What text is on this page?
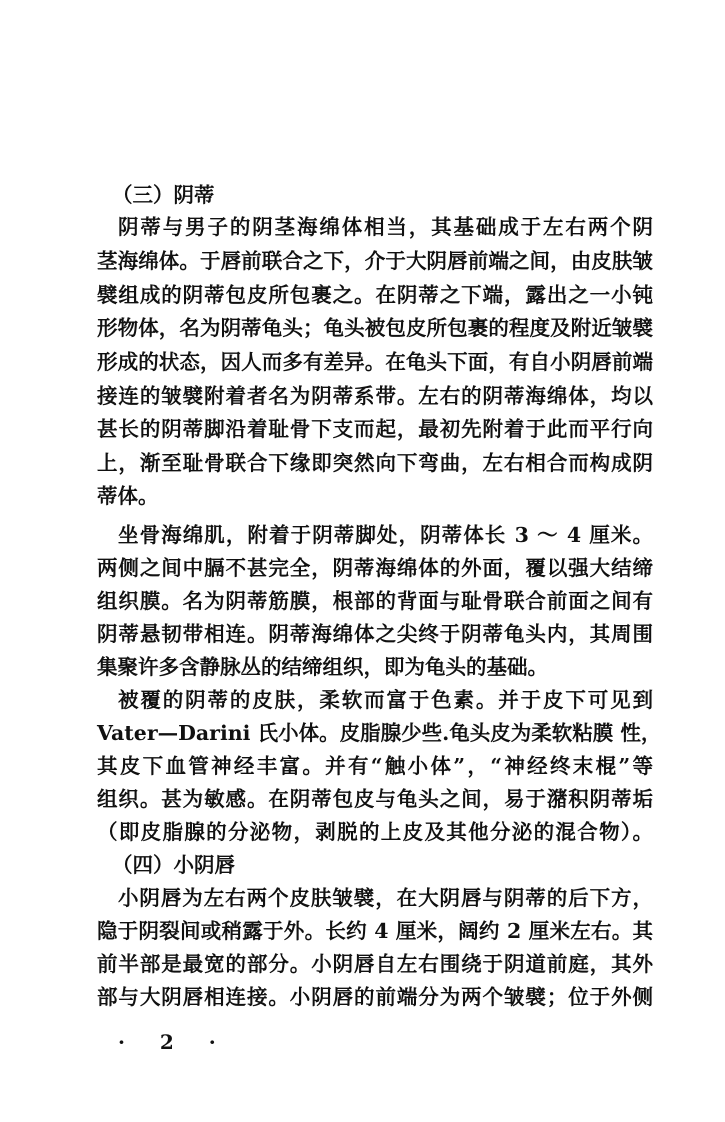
（三）阴蒂
阴蒂与男子的阴茎海绵体相当，其基础成于左右两个阴
茎海绵体。于唇前联合之下，介于大阴唇前端之间，由皮肤皱
襞组成的阴蒂包皮所包裹之。在阴蒂之下端，露出之一小钝
形物体，名为阴蒂龟头；龟头被包皮所包裹的程度及附近皱襞
形成的状态，因人而多有差异。在龟头下面，有自小阴唇前端
接连的皱襞附着者名为阴蒂系带。左右的阴蒂海绵体，均以
甚长的阴蒂脚沿着耻骨下支而起，最初先附着于此而平行向
上，渐至耻骨联合下缘即突然向下弯曲，左右相合而构成阴
蒂体。
坐骨海绵肌，附着于阴蒂脚处，阴蒂体长 3 ～ 4 厘米。
两侧之间中膈不甚完全，阴蒂海绵体的外面，覆以强大结缔
组织膜。名为阴蒂筋膜，根部的背面与耻骨联合前面之间有
阴蒂悬韧带相连。阴蒂海绵体之尖终于阴蒂龟头内，其周围
集聚许多含静脉丛的结缔组织，即为龟头的基础。
被覆的阴蒂的皮肤，柔软而富于色素。并于皮下可见到
Vater—Darini 氏小体。皮脂腺少些.龟头皮为柔软粘膜 性，
其皮下血管神经丰富。并有“触小体”，“神经终末棍”等
组织。甚为敏感。在阴蒂包皮与龟头之间，易于潴积阴蒂垢
（即皮脂腺的分泌物，剥脱的上皮及其他分泌的混合物）。
（四）小阴唇
小阴唇为左右两个皮肤皱襞，在大阴唇与阴蒂的后下方，
隐于阴裂间或稍露于外。长约 4 厘米，阔约 2 厘米左右。其
前半部是最宽的部分。小阴唇自左右围绕于阴道前庭，其外
部与大阴唇相连接。小阴唇的前端分为两个皱襞；位于外侧
· 2 ·
